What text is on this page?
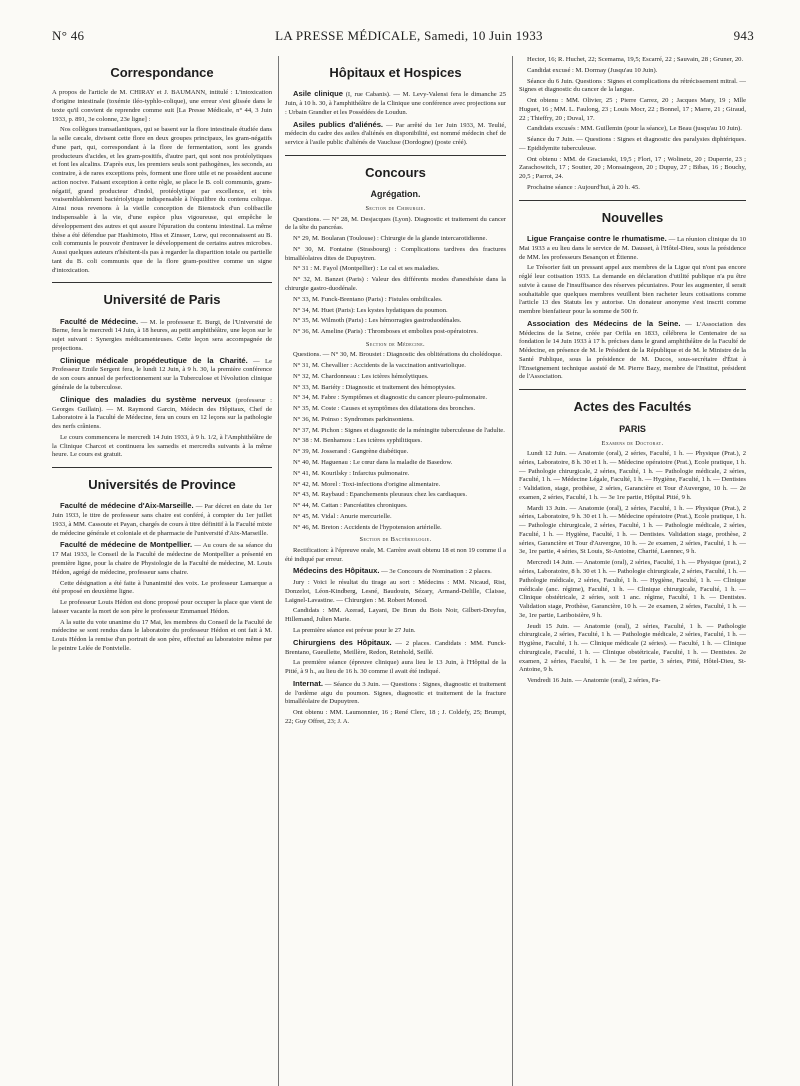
N° 46	LA PRESSE MÉDICALE, Samedi, 10 Juin 1933	943
Correspondance

A propos de l'article de M. CHIRAY et J. BAUMANN, intitulé : L'intoxication d'origine intestinale (toxémie iléo-typhlo-colique), une erreur s'est glissée dans le texte qu'il convient de reprendre comme suit [La Presse Médicale, n° 44, 3 Juin 1933, p. 891, 3e colonne, 23e ligne] :

Nos collègues transatlantiques, qui se basent sur la flore intestinale étudiée dans la selle cæcale, divisent cette flore en deux groupes principaux, les gram-négatifs d'une part, qui, correspondant à la flore de fermentation, sont les grands producteurs d'acides, et les gram-positifs, d'autre part, qui sont nos protéolytiques et font les alcalins. D'après eux, les premiers seuls sont pathogènes, les seconds, au contraire, à de rares exceptions près, forment une flore utile et ne possèdent aucune action nocive. Faisant exception à cette règle, se place le B. coli communis, gram-négatif, grand producteur d'indol, protéolytique par excellence, et très vraisemblablement bactériolytique indispensable à l'équilibre du contenu colique. Ainsi nous revenons à la vieille conception de Bienstock d'un colibacille indispensable à la vie, d'une espèce plus vigoureuse, qui empêche le développement des autres et qui assure l'épuration du contenu intestinal. La même thèse a été défendue par Hashimoto, Hiss et Zinsser, Lœw, qui reconnaissent au B. coli communis le pouvoir d'entraver le développement de certains autres microbes. Aussi quelques auteurs n'hésitent-ils pas à regarder la disparition totale ou partielle tant du B. coli communis que de la flore gram-positive comme un signe d'intoxication.

Université de Paris

Faculté de Médecine. — M. le professeur E. Burgi, de l'Université de Berne, fera le mercredi 14 Juin, à 18 heures, au petit amphithéâtre, une leçon sur le sujet suivant : Synergies médicamenteuses. Cette leçon sera accompagnée de projections.

Clinique médicale propédeutique de la Charité. — Le Professeur Emile Sergent fera, le lundi 12 Juin, à 9 h. 30, la première conférence de son cours annuel de perfectionnement sur la Tuberculose et l'évolution clinique générale de la tuberculose.

Clinique des maladies du système nerveux (professeur : Georges Guillain). — M. Raymond Garcin, Médecin des Hôpitaux, Chef de Laboratoire à la Faculté de Médecine, fera un cours en 12 leçons sur la pathologie des nerfs crâniens.

Le cours commencera le mercredi 14 Juin 1933, à 9 h. 1/2, à l'Amphithéâtre de la Clinique Charcot et continuera les samedis et mercredis suivants à la même heure. Le cours est gratuit.

Universités de Province

Faculté de médecine d'Aix-Marseille. — Par décret en date du 1er Juin 1933, le titre de professeur sans chaire est conféré, à compter du 1er juillet 1933, à MM. Cassoute et Payan, chargés de cours à titre définitif à la Faculté mixte de médecine générale et coloniale et de pharmacie de l'université d'Aix-Marseille.

Faculté de médecine de Montpellier. — Au cours de sa séance du 17 Mai 1933, le Conseil de la Faculté de médecine de Montpellier a présenté en première ligne, pour la chaire de Physiologie de la Faculté de médecine, M. Louis Hédon, agrégé de médecine, professeur sans chaire.

Cette désignation a été faite à l'unanimité des voix. Le professeur Lamarque a été proposé en deuxième ligne.

Le professeur Louis Hédon est donc proposé pour occuper la place que vient de laisser vacante la mort de son père le professeur Emmanuel Hédon.

A la suite du vote unanime du 17 Mai, les membres du Conseil de la Faculté de médecine se sont rendus dans le laboratoire du professeur Hédon et ont fait à M. Louis Hédon la remise d'un portrait de son père, effectué au laboratoire même par le peintre Lelée de Fontvielle.

Hôpitaux et Hospices

Asile clinique (I, rue Cabanis). — M. Levy-Valensi fera le dimanche 25 Juin, à 10 h. 30, à l'amphithéâtre de la Clinique une conférence avec projections sur : Urbain Grandier et les Possédées de Loudun.

Asiles publics d'aliénés. — Par arrêté du 1er Juin 1933, M. Teulié, médecin du cadre des asiles d'aliénés en disponibilité, est nommé médecin chef de service à l'asile public d'aliénés de Vaucluse (Dordogne) (poste créé).

Concours
Agrégation.
Section de Chirurgie.

Questions. — N° 28, M. Desjacques (Lyon). Diagnostic et traitement du cancer de la tête du pancréas.

N° 29, M. Boularan (Toulouse) : Chirurgie de la glande intercarotidienne.

N° 30, M. Fontaine (Strasbourg) : Complications tardives des fractures bimalléolaires dites de Dupuytren.

N° 31 : M. Fayol (Montpellier) : Le cal et ses maladies.

N° 32, M. Banzet (Paris) : Valeur des différents modes d'anesthésie dans la chirurgie gastro-duodénale.

N° 33, M. Funck-Brentano (Paris) : Fistules ombilicales.

N° 34, M. Huet (Paris): Les kystes hydatiques du poumon.

N° 35, M. Wilmoth (Paris) : Les hémorragies gastroduodénales.

N° 36, M. Ameline (Paris) : Thromboses et embolies post-opératoires.

Section de Médecine.

Questions. — N° 30, M. Broustet : Diagnostic des oblitérations du cholédoque.

N° 31, M. Chevallier : Accidents de la vaccination antivariolique.

N° 32, M. Chardonneau : Les ictères hémolytiques.

N° 33, M. Bariéty : Diagnostic et traitement des hémoptysies.

N° 34, M. Fabre : Symptômes et diagnostic du cancer pleuro-pulmonaire.

N° 35, M. Coste : Causes et symptômes des dilatations des bronches.

N° 36, M. Poinso : Syndromes parkinsoniens.

N° 37, M. Pichon : Signes et diagnostic de la méningite tuberculeuse de l'adulte.

N° 38 : M. Benhamou : Les ictères syphilitiques.

N° 39, M. Josserand : Gangrène diabétique.

N° 40, M. Haguenau : Le cœur dans la maladie de Basedow.

N° 41, M. Kourilsky : Infarctus pulmonaire.

N° 42, M. Morel : Toxi-infections d'origine alimentaire.

N° 43, M. Raybaud : Epanchements pleuraux chez les cardiaques.

N° 44, M. Cattan : Pancréatites chroniques.

N° 45, M. Vidal : Anurie mercurielle.

N° 46, M. Breton : Accidents de l'hypotension artérielle.

Section de Bactériologie.

Rectification: à l'épreuve orale, M. Carrère avait obtenu 18 et non 19 comme il a été indiqué par erreur.

Médecins des Hôpitaux. — 3e Concours de Nomination : 2 places.

Jury : Voici le résultat du tirage au sort : Médecins : MM. Nicaud, Rist, Donzelot, Léon-Kindberg, Lesné, Baudouin, Sézary, Armand-Delille, Claisse, Laignel-Lavastine. — Chirurgien : M. Robert Monod.

Candidats : MM. Azerad, Layani, De Brun du Bois Noir, Gilbert-Dreyfus, Hillemand, Julien Marie.

La première séance est prévue pour le 27 Juin.

Chirurgiens des Hôpitaux. — 2 places. Candidats : MM. Funck-Brentano, Gueullette, Meillère, Redon, Reinhold, Seillé.

La première séance (épreuve clinique) aura lieu le 13 Juin, à l'Hôpital de la Pitié, à 9 h., au lieu de 16 h. 30 comme il avait été indiqué.

Internat. — Séance du 3 Juin. — Questions : Signes, diagnostic et traitement de l'œdème aigu du poumon. Signes, diagnostic et traitement de la fracture bimalléolaire de Dupuytren.

Ont obtenu : MM. Laumonnier, 16 ; René Clerc, 18 ; J. Coldefy, 25; Brumpt, 22; Guy Offret, 23; J. A.

Hector, 16; R. Huchet, 22; Scemama, 19,5; Escarré, 22 ; Sauvain, 28 ; Gruner, 20.

Candidat excusé : M. Dormay (Jusqu'au 10 Juin).

Séance du 6 Juin. Questions : Signes et complications du rétrécissement mitral. — Signes et diagnostic du cancer de la langue.

Ont obtenu : MM. Olivier, 25 ; Pierre Carrez, 20 ; Jacques Mary, 19 ; Mlle Huguet, 16 ; MM. L. Faulong, 23 ; Louis Mocr, 22 ; Bonnel, 17 ; Marre, 21 ; Giraud, 22 ; Thieffry, 20 ; Duval, 17.

Candidats excusés : MM. Guillemin (pour la séance), Le Beau (jusqu'au 10 Juin).

Séance du 7 Juin. — Questions : Signes et diagnostic des paralysies diphtériques. — Epididymite tuberculeuse.

Ont obtenu : MM. de Gracianski, 19,5 ; Flori, 17 ; Wolinetz, 20 ; Duperrie, 23 ; Zarachowitch, 17 ; Soutter, 20 ; Monsaingeon, 20 ; Dupuy, 27 ; Bibas, 16 ; Bouchy, 20,5 ; Parrot, 24.

Prochaine séance : Aujourd'hui, à 20 h. 45.

Nouvelles

Ligue Française contre le rhumatisme. — La réunion clinique du 10 Mai 1933 a eu lieu dans le service de M. Dausset, à l'Hôtel-Dieu, sous la présidence de MM. les professeurs Besançon et Étienne.

Le Trésorier fait un pressant appel aux membres de la Ligue qui n'ont pas encore réglé leur cotisation 1933. La demande en déclaration d'utilité publique n'a pu être suivie à cause de l'insuffisance des réserves pécuniaires. Pour les augmenter, il serait souhaitable que quelques membres veuillent bien racheter leurs cotisations comme l'article 13 des Statuts les y autorise. Un donateur anonyme s'est inscrit comme membre bienfaiteur pour la somme de 500 fr.

Association des Médecins de la Seine. — L'Association des Médecins de la Seine, créée par Orfila en 1833, célébrera le Centenaire de sa fondation le 14 Juin 1933 à 17 h. précises dans le grand amphithéâtre de la Faculté de Médecine, en présence de M. le Président de la République et de M. le Ministre de la Santé Publique, sous la présidence de M. Ducos, sous-secrétaire d'État à l'Enseignement technique assisté de M. Pierre Bazy, membre de l'Institut, président de l'Association.

Actes des Facultés
PARIS
Examens de Doctorat.

Lundi 12 Juin. — Anatomie (oral), 2 séries, Faculté, 1 h. — Physique (Prat.), 2 séries, Laboratoire, 8 h. 30 et 1 h. — Médecine opératoire (Prat.), Ecole pratique, 1 h. — Pathologie chirurgicale, 2 séries, Faculté, 1 h. — Pathologie médicale, 2 séries, Faculté, 1 h. — Médecine Légale, Faculté, 1 h. — Hygiène, Faculté, 1 h. — Dentistes : Validation, stage, prothèse, 2 séries, Garancière et Tour d'Auvergne, 10 h. — 2e examen, 2 séries, Faculté, 1 h. — 3e 1re partie, Hôpital Pitié, 9 h.

Mardi 13 Juin. — Anatomie (oral), 2 séries, Faculté, 1 h. — Physique (Prat.), 2 séries, Laboratoire, 9 h. 30 et 1 h. — Médecine opératoire (Prat.), Ecole pratique, 1 h. — Pathologie chirurgicale, 2 séries, Faculté, 1 h. — Pathologie médicale, 2 séries, Faculté, 1 h. — Hygiène, Faculté, 1 h. — Dentistes. Validation stage, prothèse, 2 séries, Garancière et Tour d'Auvergne, 10 h. — 2e examen, 2 séries, Faculté, 1 h. — 3e, 1re partie, 4 séries, St Louis, St-Antoine, Charité, Laennec, 9 h.

Mercredi 14 Juin. — Anatomie (oral), 2 séries, Faculté, 1 h. — Physique (prat.), 2 séries, Laboratoire, 8 h. 30 et 1 h. — Pathologie chirurgicale, 2 séries, Faculté, 1 h. — Pathologie médicale, 2 séries, Faculté, 1 h. — Hygiène, Faculté, 1 h. — Clinique médicale (anc. régime), Faculté, 1 h. — Clinique chirurgicale, Faculté, 1 h. — Clinique obstétricale, 2 séries, soit 1 anc. régime, Faculté, 1 h. — Dentistes. Validation stage, Prothèse, Garancière, 10 h. — 2e examen, 2 séries, Faculté, 1 h. — 3e, 1re partie, Lariboisière, 9 h.

Jeudi 15 Juin. — Anatomie (oral), 2 séries, Faculté, 1 h. — Pathologie chirurgicale, 2 séries, Faculté, 1 h. — Pathologie médicale, 2 séries, Faculté, 1 h. — Hygiène, Faculté, 1 h. — Clinique médicale (2 séries). — Faculté, 1 h. — Clinique chirurgicale, Faculté, 1 h. — Clinique obstétricale, Faculté, 1 h. — Dentistes. 2e examen, 2 séries, Faculté, 1 h. — 3e 1re partie, 3 séries, Pitié, Hôtel-Dieu, St-Antoine, 9 h.

Vendredi 16 Juin. — Anatomie (oral), 2 séries, Fa-
